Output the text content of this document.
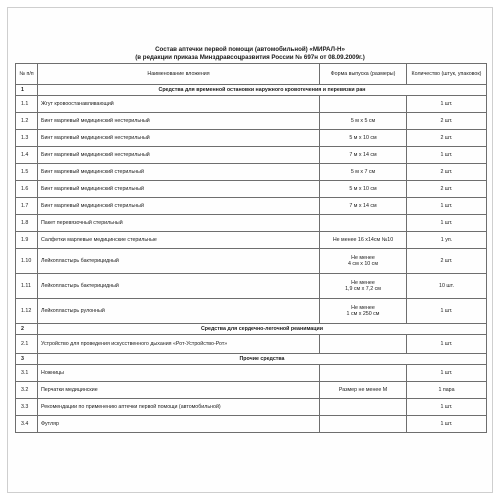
Состав аптечки первой помощи (автомобильной) «МИРАЛ-Н»
(в редакции приказа Минздравсоцразвития России № 697н от 08.09.2009г.)
№ п/п	Наименование вложения	Форма выпуска (размеры)	Количество (штук, упаковок)
1	Средства для временной остановки наружного кровотечения и перевязки ран		
1.1	Жгут кровоостанавливающий		1 шт.
1.2	Бинт марлевый медицинский нестерильный	5 м х 5 см	2 шт.
1.3	Бинт марлевый медицинский нестерильный	5 м х 10 см	2 шт.
1.4	Бинт марлевый медицинский нестерильный	7 м х 14 см	1 шт.
1.5	Бинт марлевый медицинский стерильный	5 м х 7 см	2 шт.
1.6	Бинт марлевый медицинский стерильный	5 м х 10 см	2 шт.
1.7	Бинт марлевый медицинский стерильный	7 м х 14 см	1 шт.
1.8	Пакет перевязочный стерильный		1 шт.
1.9	Салфетки марлевые медицинские стерильные	Не менее 16 х14см №10	1 уп.
1.10	Лейкопластырь бактерицидный	Не менее
4 см х 10 см	2 шт.
1.11	Лейкопластырь бактерицидный	Не менее
1,9 см х 7,2 см	10 шт.
1.12	Лейкопластырь рулонный	Не менее
1 см х 250 см	1 шт.
2	Средства для сердечно-легочной реанимации		
2.1	Устройство для проведения искусственного дыхания «Рот-Устройство-Рот»		1 шт.
3	Прочие средства		
3.1	Ножницы		1 шт.
3.2	Перчатки медицинские	Размер не менее М	1 пара
3.3	Рекомендации по применению аптечки первой помощи (автомобильной)		1 шт.
3.4	Футляр		1 шт.
